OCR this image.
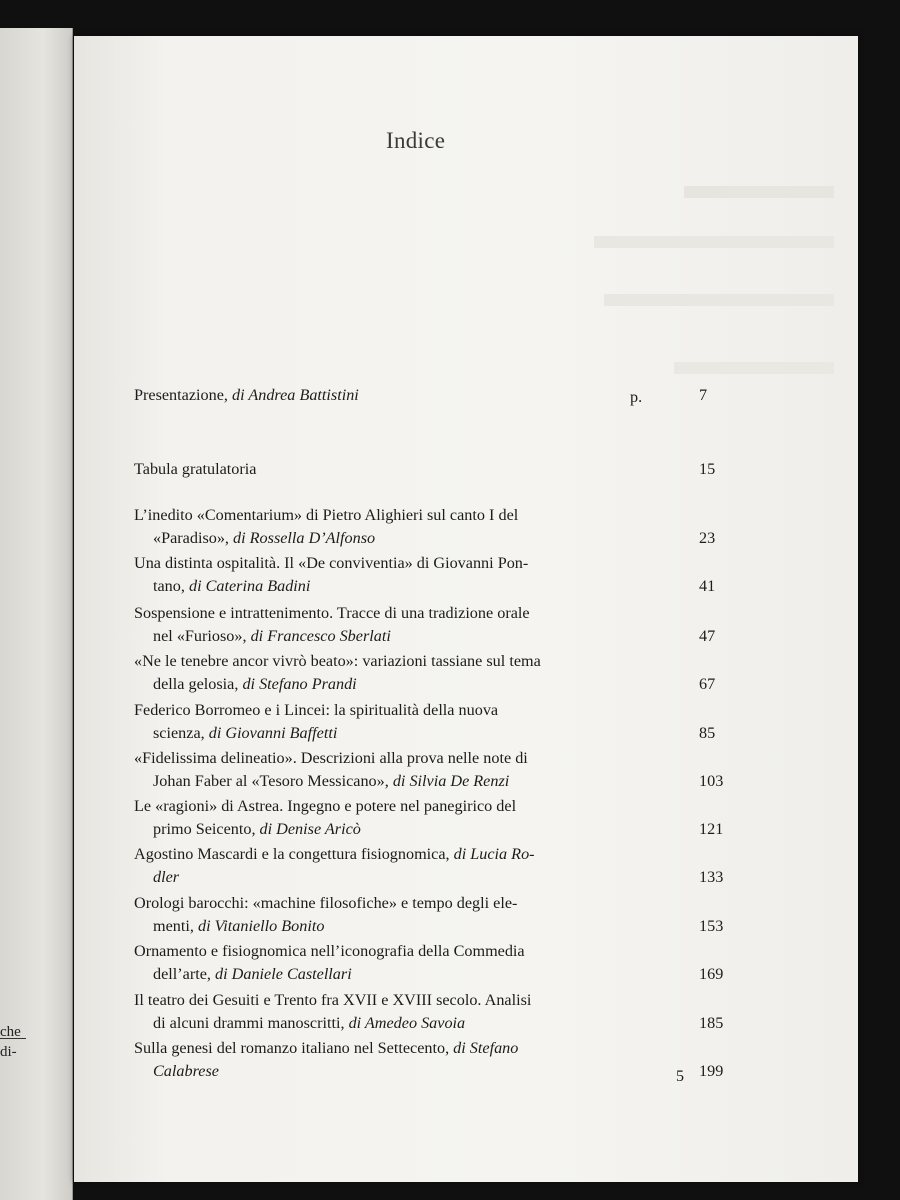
che
di-
Indice
p.
Presentazione, di Andrea Battistini	7
Tabula gratulatoria	15
L’inedito «Comentarium» di Pietro Alighieri sul canto I del
«Paradiso», di Rossella D’Alfonso	23
Una distinta ospitalità. Il «De conviventia» di Giovanni Pon-
tano, di Caterina Badini	41
Sospensione e intrattenimento. Tracce di una tradizione orale
nel «Furioso», di Francesco Sberlati	47
«Ne le tenebre ancor vivrò beato»: variazioni tassiane sul tema
della gelosia, di Stefano Prandi	67
Federico Borromeo e i Lincei: la spiritualità della nuova
scienza, di Giovanni Baffetti	85
«Fidelissima delineatio». Descrizioni alla prova nelle note di
Johan Faber al «Tesoro Messicano», di Silvia De Renzi	103
Le «ragioni» di Astrea. Ingegno e potere nel panegirico del
primo Seicento, di Denise Aricò	121
Agostino Mascardi e la congettura fisiognomica, di Lucia Ro-
dler	133
Orologi barocchi: «machine filosofiche» e tempo degli ele-
menti, di Vitaniello Bonito	153
Ornamento e fisiognomica nell’iconografia della Commedia
dell’arte, di Daniele Castellari	169
Il teatro dei Gesuiti e Trento fra XVII e XVIII secolo. Analisi
di alcuni drammi manoscritti, di Amedeo Savoia	185
Sulla genesi del romanzo italiano nel Settecento, di Stefano
Calabrese	199
5
